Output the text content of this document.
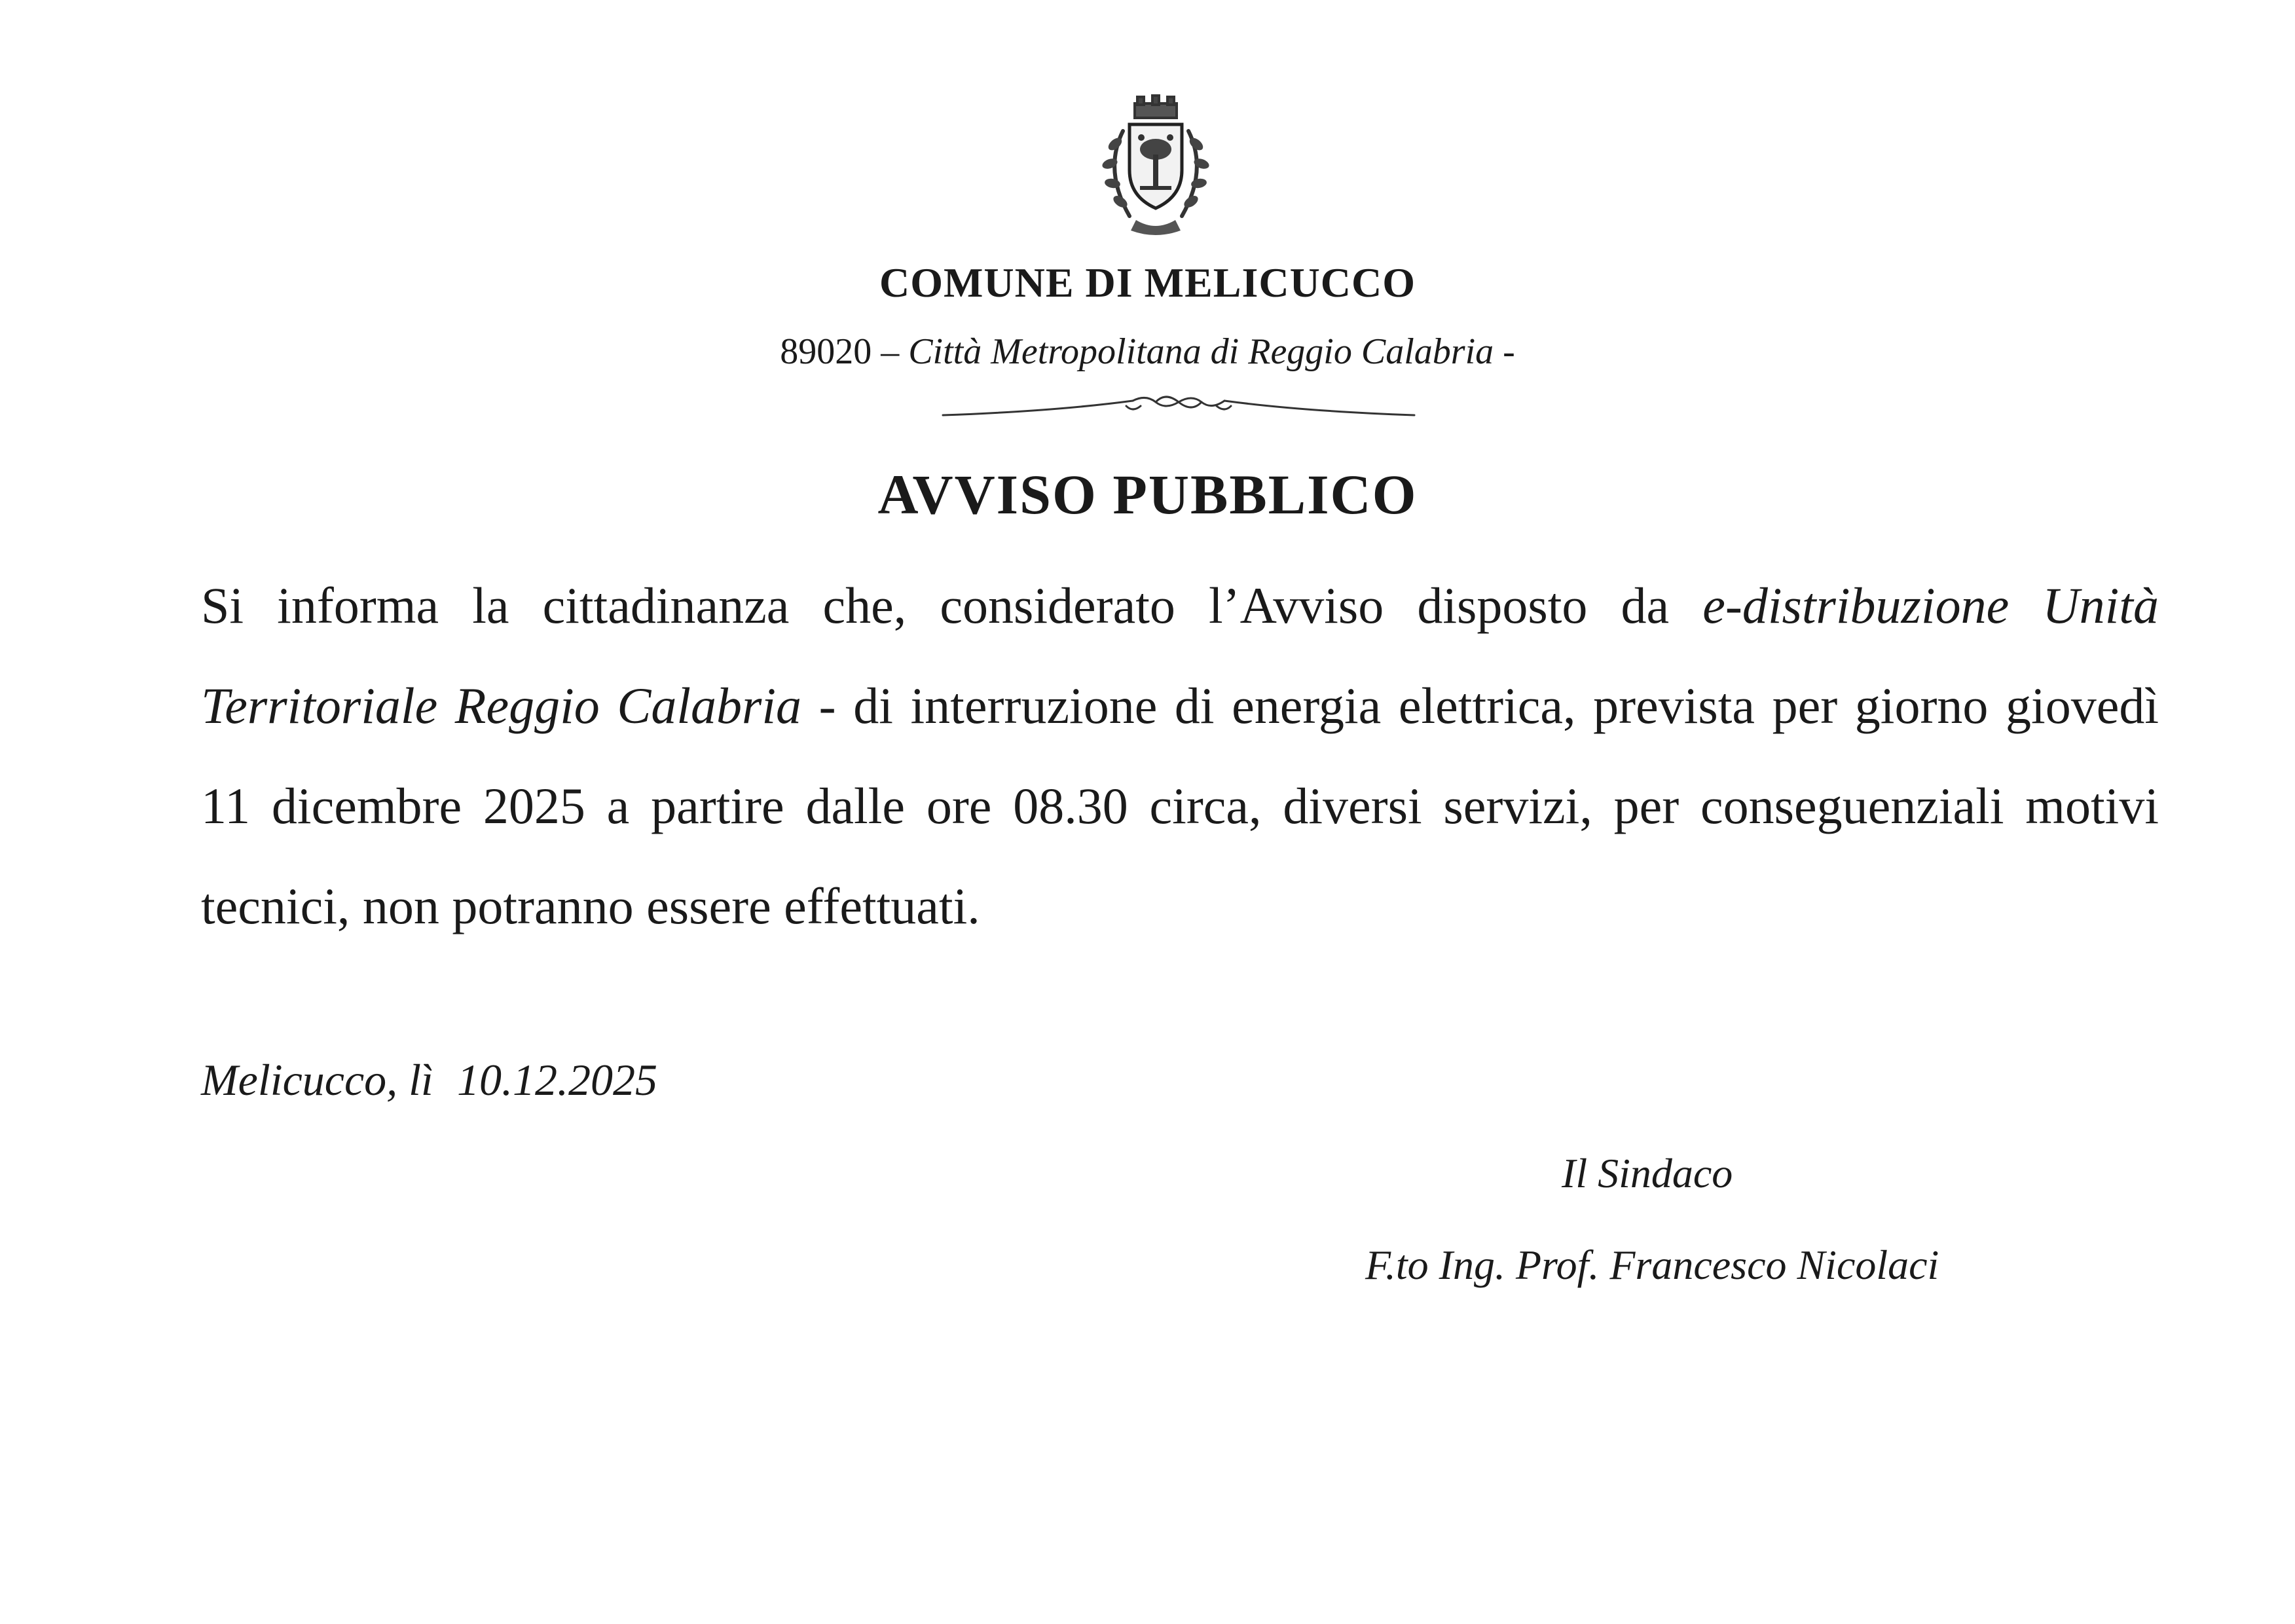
COMUNE DI MELICUCCO
89020 – Città Metropolitana di Reggio Calabria -
AVVISO PUBBLICO

Si informa la cittadinanza che, considerato l’Avviso disposto da e-distribuzione Unità Territoriale Reggio Calabria - di interruzione di energia elettrica, prevista per giorno giovedì 11 dicembre 2025 a partire dalle ore 08.30 circa, diversi servizi, per conseguenziali motivi tecnici, non potranno essere effettuati.

Melicucco, lì 10.12.2025
Il Sindaco
F.to Ing. Prof. Francesco Nicolaci
